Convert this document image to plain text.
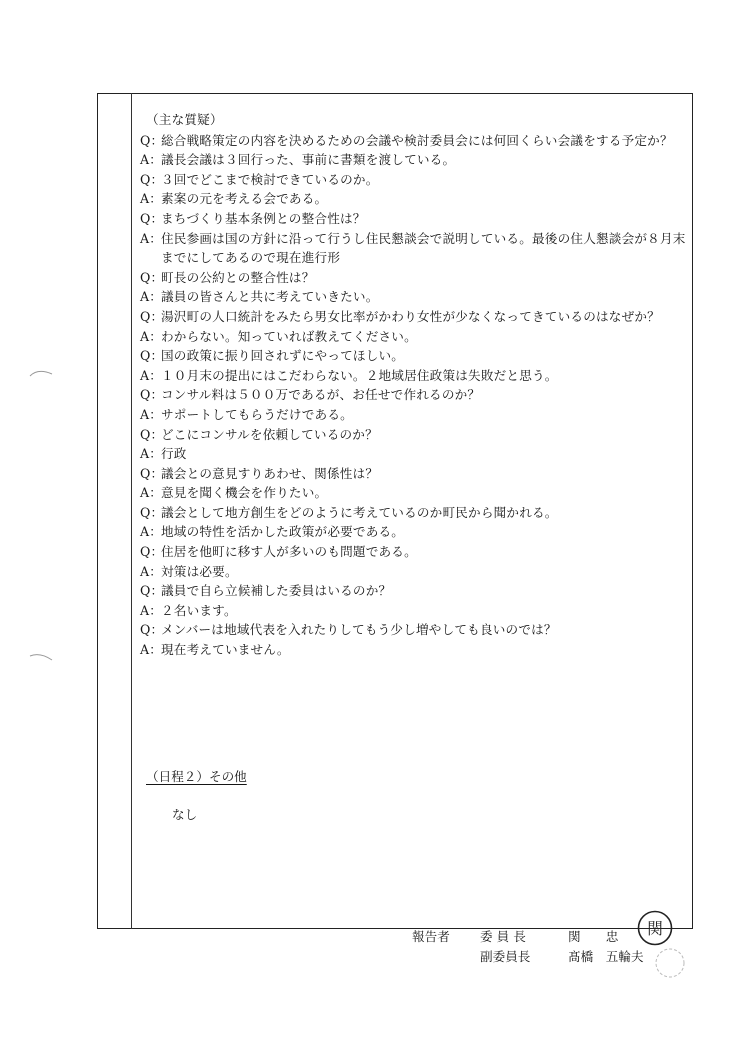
（主な質疑）
Q：
総合戦略策定の内容を決めるための会議や検討委員会には何回くらい会議をする予定か？
A：
議長会議は３回行った、事前に書類を渡している。
Q：
３回でどこまで検討できているのか。
A：
素案の元を考える会である。
Q：
まちづくり基本条例との整合性は？
A：
住民参画は国の方針に沿って行うし住民懇談会で説明している。最後の住人懇談会が８月末までにしてあるので現在進行形
Q：
町長の公約との整合性は？
A：
議員の皆さんと共に考えていきたい。
Q：
湯沢町の人口統計をみたら男女比率がかわり女性が少なくなってきているのはなぜか？
A：
わからない。知っていれば教えてください。
Q：
国の政策に振り回されずにやってほしい。
A：
１０月末の提出にはこだわらない。２地域居住政策は失敗だと思う。
Q：
コンサル料は５００万であるが、お任せで作れるのか？
A：
サポートしてもらうだけである。
Q：
どこにコンサルを依頼しているのか？
A：
行政
Q：
議会との意見すりあわせ、関係性は？
A：
意見を聞く機会を作りたい。
Q：
議会として地方創生をどのように考えているのか町民から聞かれる。
A：
地域の特性を活かした政策が必要である。
Q：
住居を他町に移す人が多いのも問題である。
A：
対策は必要。
Q：
議員で自ら立候補した委員はいるのか？
A：
２名います。
Q：
メンバーは地域代表を入れたりしてもう少し増やしても良いのでは？
A：
現在考えていません。
（日程２）その他
なし
報告者	委 員 長	関　　忠
副委員長	髙橋　五輪夫
関
